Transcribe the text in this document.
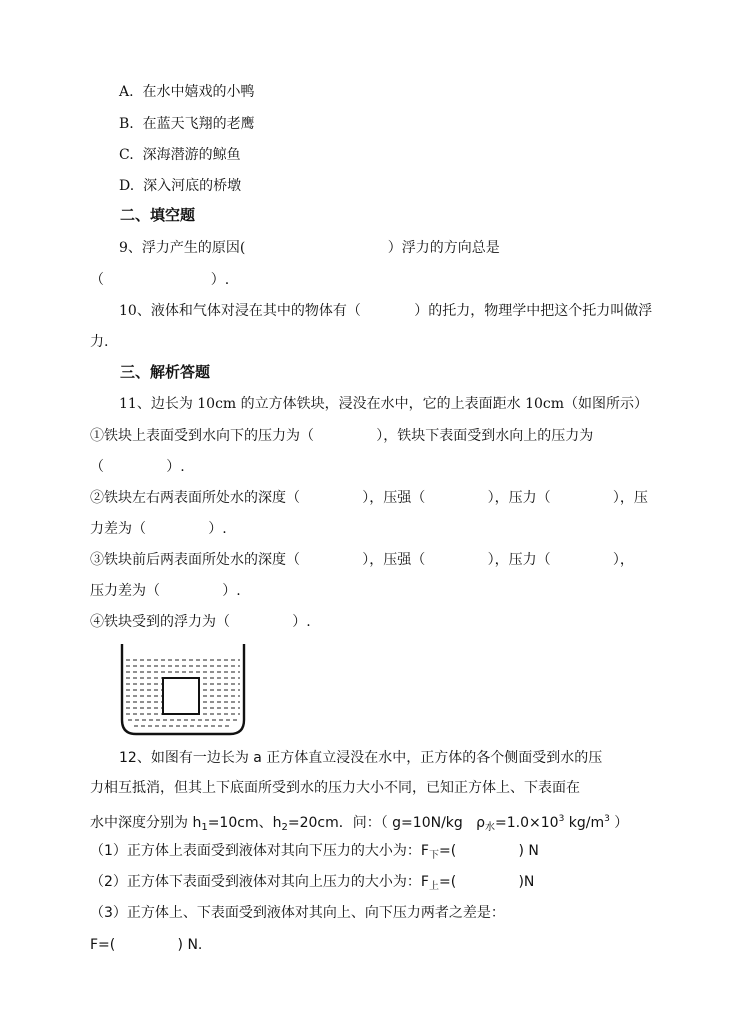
A.  在水中嬉戏的小鸭
B.  在蓝天飞翔的老鹰
C.  深海潜游的鲸鱼
D.  深入河底的桥墩
二、填空题
9、浮力产生的原因(                                ）浮力的方向总是
（                        ）.
10、液体和气体对浸在其中的物体有（            ）的托力，物理学中把这个托力叫做浮
力.
三、解析答题
11、边长为 10cm 的立方体铁块，浸没在水中，它的上表面距水 10cm（如图所示）
①铁块上表面受到水向下的压力为（              ），铁块下表面受到水向上的压力为
（              ）.
②铁块左右两表面所处水的深度（              ），压强（              ），压力（              ），压
力差为（              ）.
③铁块前后两表面所处水的深度（              ），压强（              ），压力（              ），
压力差为（              ）.
④铁块受到的浮力为（              ）.
12、如图有一边长为 a 正方体直立浸没在水中，正方体的各个侧面受到水的压
力相互抵消，但其上下底面所受到水的压力大小不同，已知正方体上、下表面在
水中深度分别为 $h_1=10cm$、$h_2=20cm$．问：（ g=10N/kg   $\rho_水=1.0\times 10^3$ $kg/m^3$ ）
（1）正方体上表面受到液体对其向下压力的大小为：$F_下=$(              ) N
（2）正方体下表面受到液体对其向上压力的大小为：$F_上=$(              )N
（3）正方体上、下表面受到液体对其向上、向下压力两者之差是：
F=(              ) N.
